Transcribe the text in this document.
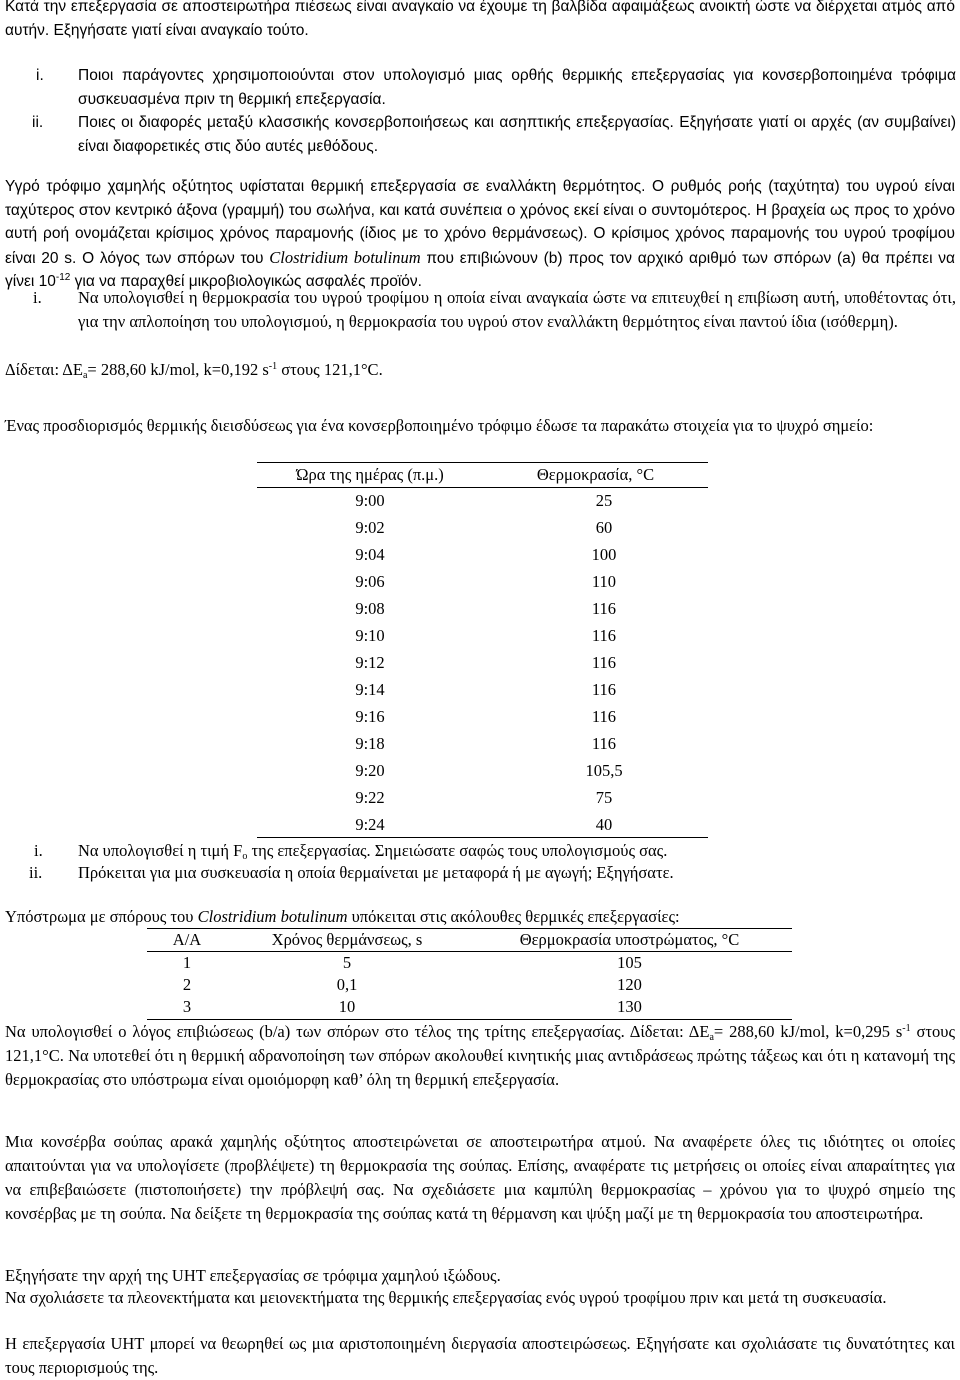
Κατά την επεξεργασία σε αποστειρωτήρα πιέσεως είναι αναγκαίο να έχουμε τη βαλβίδα αφαιμάξεως ανοικτή ώστε να διέρχεται ατμός από αυτήν. Εξηγήσατε γιατί είναι αναγκαίο τούτο.

i. Ποιοι παράγοντες χρησιμοποιούνται στον υπολογισμό μιας ορθής θερμικής επεξεργασίας για κονσερβοποιημένα τρόφιμα συσκευασμένα πριν τη θερμική επεξεργασία.

ii. Ποιες οι διαφορές μεταξύ κλασσικής κονσερβοποιήσεως και ασηπτικής επεξεργασίας. Εξηγήσατε γιατί οι αρχές (αν συμβαίνει) είναι διαφορετικές στις δύο αυτές μεθόδους.

Υγρό τρόφιμο χαμηλής οξύτητος υφίσταται θερμική επεξεργασία σε εναλλάκτη θερμότητος. Ο ρυθμός ροής (ταχύτητα) του υγρού είναι ταχύτερος στον κεντρικό άξονα (γραμμή) του σωλήνα, και κατά συνέπεια ο χρόνος εκεί είναι ο συντομότερος. Η βραχεία ως προς το χρόνο αυτή ροή ονομάζεται κρίσιμος χρόνος παραμονής (ίδιος με το χρόνο θερμάνσεως). Ο κρίσιμος χρόνος παραμονής του υγρού τροφίμου είναι 20 s. Ο λόγος των σπόρων του Clostridium botulinum που επιβιώνουν (b) προς τον αρχικό αριθμό των σπόρων (a) θα πρέπει να γίνει $10^{-12}$ για να παραχθεί μικροβιολογικώς ασφαλές προϊόν.

i. Να υπολογισθεί η θερμοκρασία του υγρού τροφίμου η οποία είναι αναγκαία ώστε να επιτευχθεί η επιβίωση αυτή, υποθέτοντας ότι, για την απλοποίηση του υπολογισμού, η θερμοκρασία του υγρού στον εναλλάκτη θερμότητος είναι παντού ίδια (ισόθερμη).

Δίδεται: $\Delta E_a= 288,60$ kJ/mol, k=0,192 $s^{-1}$ στους 121,1°C.

Ένας προσδιορισμός θερμικής διεισδύσεως για ένα κονσερβοποιημένο τρόφιμο έδωσε τα παρακάτω στοιχεία για το ψυχρό σημείο:

Ώρα της ημέρας (π.μ.)	Θερμοκρασία, °C
9:00	25
9:02	60
9:04	100
9:06	110
9:08	116
9:10	116
9:12	116
9:14	116
9:16	116
9:18	116
9:20	105,5
9:22	75
9:24	40
i. Να υπολογισθεί η τιμή $F_o$ της επεξεργασίας. Σημειώσατε σαφώς τους υπολογισμούς σας.

ii. Πρόκειται για μια συσκευασία η οποία θερμαίνεται με μεταφορά ή με αγωγή; Εξηγήσατε.

Υπόστρωμα με σπόρους του Clostridium botulinum υπόκειται στις ακόλουθες θερμικές επεξεργασίες:

Α/Α	Χρόνος θερμάνσεως, s	Θερμοκρασία υποστρώματος, °C
1	5	105
2	0,1	120
3	10	130

Να υπολογισθεί ο λόγος επιβιώσεως (b/a) των σπόρων στο τέλος της τρίτης επεξεργασίας. Δίδεται: $\Delta E_a= 288,60$ kJ/mol, k=0,295 $s^{-1}$ στους 121,1°C. Να υποτεθεί ότι η θερμική αδρανοποίηση των σπόρων ακολουθεί κινητικής μιας αντιδράσεως πρώτης τάξεως και ότι η κατανομή της θερμοκρασίας στο υπόστρωμα είναι ομοιόμορφη καθ’ όλη τη θερμική επεξεργασία.

Μια κονσέρβα σούπας αρακά χαμηλής οξύτητος αποστειρώνεται σε αποστειρωτήρα ατμού. Να αναφέρετε όλες τις ιδιότητες οι οποίες απαιτούνται για να υπολογίσετε (προβλέψετε) τη θερμοκρασία της σούπας. Επίσης, αναφέρατε τις μετρήσεις οι οποίες είναι απαραίτητες για να επιβεβαιώσετε (πιστοποιήσετε) την πρόβλεψή σας. Να σχεδιάσετε μια καμπύλη θερμοκρασίας – χρόνου για το ψυχρό σημείο της κονσέρβας με τη σούπα. Να δείξετε τη θερμοκρασία της σούπας κατά τη θέρμανση και ψύξη μαζί με τη θερμοκρασία του αποστειρωτήρα.

Εξηγήσατε την αρχή της UHT επεξεργασίας σε τρόφιμα χαμηλού ιξώδους.

Να σχολιάσετε τα πλεονεκτήματα και μειονεκτήματα της θερμικής επεξεργασίας ενός υγρού τροφίμου πριν και μετά τη συσκευασία.

Η επεξεργασία UHT μπορεί να θεωρηθεί ως μια αριστοποιημένη διεργασία αποστειρώσεως. Εξηγήσατε και σχολιάσατε τις δυνατότητες και τους περιορισμούς της.
